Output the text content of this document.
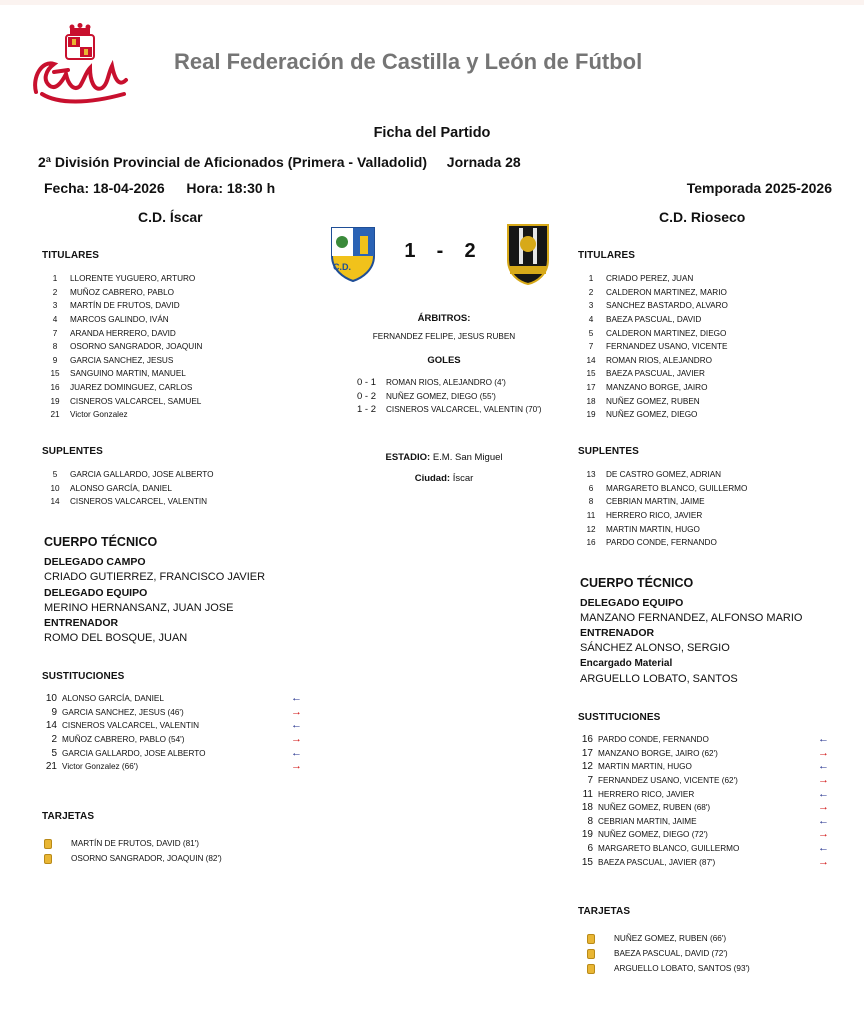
Real Federación de Castilla y León de Fútbol
Ficha del Partido
2ª División Provincial de Aficionados (Primera - Valladolid) Jornada 28
Fecha: 18-04-2026 Hora: 18:30 h	Temporada 2025-2026
C.D. Íscar	C.D. Rioseco
C.D.
1 - 2
TITULARES
1	LLORENTE YUGUERO, ARTURO
2	MUÑOZ CABRERO, PABLO
3	MARTÍN DE FRUTOS, DAVID
4	MARCOS GALINDO, IVÁN
7	ARANDA HERRERO, DAVID
8	OSORNO SANGRADOR, JOAQUIN
9	GARCIA SANCHEZ, JESUS
15	SANGUINO MARTIN, MANUEL
16	JUAREZ DOMINGUEZ, CARLOS
19	CISNEROS VALCARCEL, SAMUEL
21	Victor Gonzalez
SUPLENTES
5	GARCIA GALLARDO, JOSE ALBERTO
10	ALONSO GARCÍA, DANIEL
14	CISNEROS VALCARCEL, VALENTIN
CUERPO TÉCNICO
DELEGADO CAMPO
CRIADO GUTIERREZ, FRANCISCO JAVIER
DELEGADO EQUIPO
MERINO HERNANSANZ, JUAN JOSE
ENTRENADOR
ROMO DEL BOSQUE, JUAN
SUSTITUCIONES
10 ALONSO GARCÍA, DANIEL	←
9 GARCIA SANCHEZ, JESUS (46')	→
14 CISNEROS VALCARCEL, VALENTIN	←
2 MUÑOZ CABRERO, PABLO (54')	→
5 GARCIA GALLARDO, JOSE ALBERTO	←
21 Victor Gonzalez (66')	→
TARJETAS
MARTÍN DE FRUTOS, DAVID (81')
OSORNO SANGRADOR, JOAQUIN (82')
ÁRBITROS:
FERNANDEZ FELIPE, JESUS RUBEN
GOLES
0 - 1	ROMAN RIOS, ALEJANDRO (4')
0 - 2	NUÑEZ GOMEZ, DIEGO (55')
1 - 2	CISNEROS VALCARCEL, VALENTIN (70')
ESTADIO: E.M. San Miguel
Ciudad: Íscar
TITULARES
1	CRIADO PEREZ, JUAN
2	CALDERON MARTINEZ, MARIO
3	SANCHEZ BASTARDO, ALVARO
4	BAEZA PASCUAL, DAVID
5	CALDERON MARTINEZ, DIEGO
7	FERNANDEZ USANO, VICENTE
14	ROMAN RIOS, ALEJANDRO
15	BAEZA PASCUAL, JAVIER
17	MANZANO BORGE, JAIRO
18	NUÑEZ GOMEZ, RUBEN
19	NUÑEZ GOMEZ, DIEGO
SUPLENTES
13	DE CASTRO GOMEZ, ADRIAN
6	MARGARETO BLANCO, GUILLERMO
8	CEBRIAN MARTIN, JAIME
11	HERRERO RICO, JAVIER
12	MARTIN MARTIN, HUGO
16	PARDO CONDE, FERNANDO
CUERPO TÉCNICO
DELEGADO EQUIPO
MANZANO FERNANDEZ, ALFONSO MARIO
ENTRENADOR
SÁNCHEZ ALONSO, SERGIO
Encargado Material
ARGUELLO LOBATO, SANTOS
SUSTITUCIONES
16 PARDO CONDE, FERNANDO	←
17 MANZANO BORGE, JAIRO (62')	→
12 MARTIN MARTIN, HUGO	←
7 FERNANDEZ USANO, VICENTE (62')	→
11 HERRERO RICO, JAVIER	←
18 NUÑEZ GOMEZ, RUBEN (68')	→
8 CEBRIAN MARTIN, JAIME	←
19 NUÑEZ GOMEZ, DIEGO (72')	→
6 MARGARETO BLANCO, GUILLERMO	←
15 BAEZA PASCUAL, JAVIER (87')	→
TARJETAS
NUÑEZ GOMEZ, RUBEN (66')
BAEZA PASCUAL, DAVID (72')
ARGUELLO LOBATO, SANTOS (93')
